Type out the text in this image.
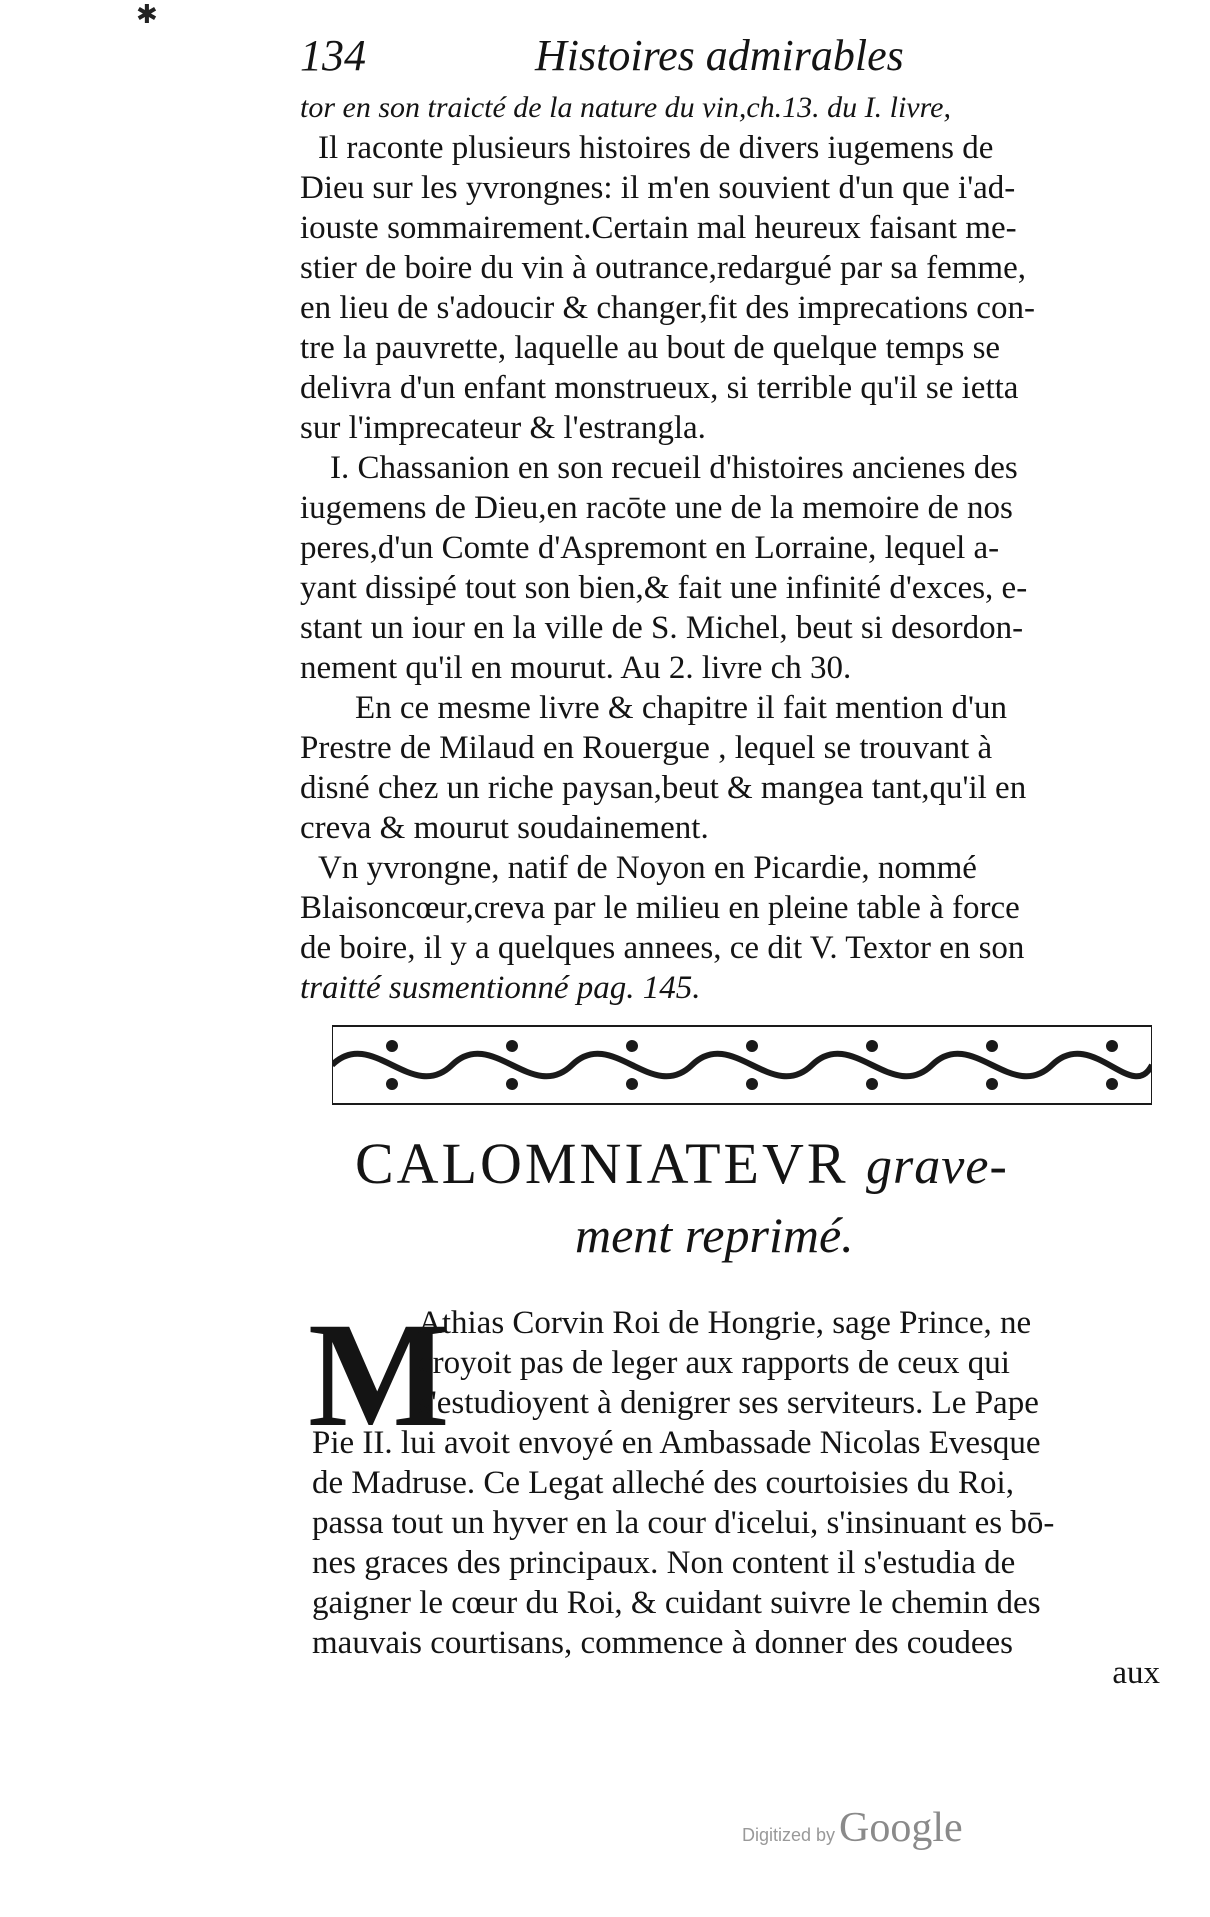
✱
134	Histoires admirables
tor en son traicté de la nature du vin,ch.13. du I. livre,
Il raconte plusieurs histoires de divers iugemens de
Dieu sur les yvrongnes: il m'en souvient d'un que i'ad-
iouste sommairement.Certain mal heureux faisant me-
stier de boire du vin à outrance,redargué par sa femme,
en lieu de s'adoucir & changer,fit des imprecations con-
tre la pauvrette, laquelle au bout de quelque temps se
delivra d'un enfant monstrueux, si terrible qu'il se ietta
sur l'imprecateur & l'estrangla.
I. Chassanion en son recueil d'histoires ancienes des
iugemens de Dieu,en racōte une de la memoire de nos
peres,d'un Comte d'Aspremont en Lorraine, lequel a-
yant dissipé tout son bien,& fait une infinité d'exces, e-
stant un iour en la ville de S. Michel, beut si desordon-
nement qu'il en mourut. Au 2. livre ch 30.
En ce mesme livre & chapitre il fait mention d'un
Prestre de Milaud en Rouergue , lequel se trouvant à
disné chez un riche paysan,beut & mangea tant,qu'il en
creva & mourut soudainement.
Vn yvrongne, natif de Noyon en Picardie, nommé
Blaisoncœur,creva par le milieu en pleine table à force
de boire, il y a quelques annees, ce dit V. Textor en son
traitté susmentionné pag. 145.
CALOMNIATEVR grave-
ment reprimé.
M
Athias Corvin Roi de Hongrie, sage Prince, ne
croyoit pas de leger aux rapports de ceux qui
s'estudioyent à denigrer ses serviteurs. Le Pape
Pie II. lui avoit envoyé en Ambassade Nicolas Evesque
de Madruse. Ce Legat alleché des courtoisies du Roi,
passa tout un hyver en la cour d'icelui, s'insinuant es bō-
nes graces des principaux. Non content il s'estudia de
gaigner le cœur du Roi, & cuidant suivre le chemin des
mauvais courtisans, commence à donner des coudees
aux
Digitized by Google
